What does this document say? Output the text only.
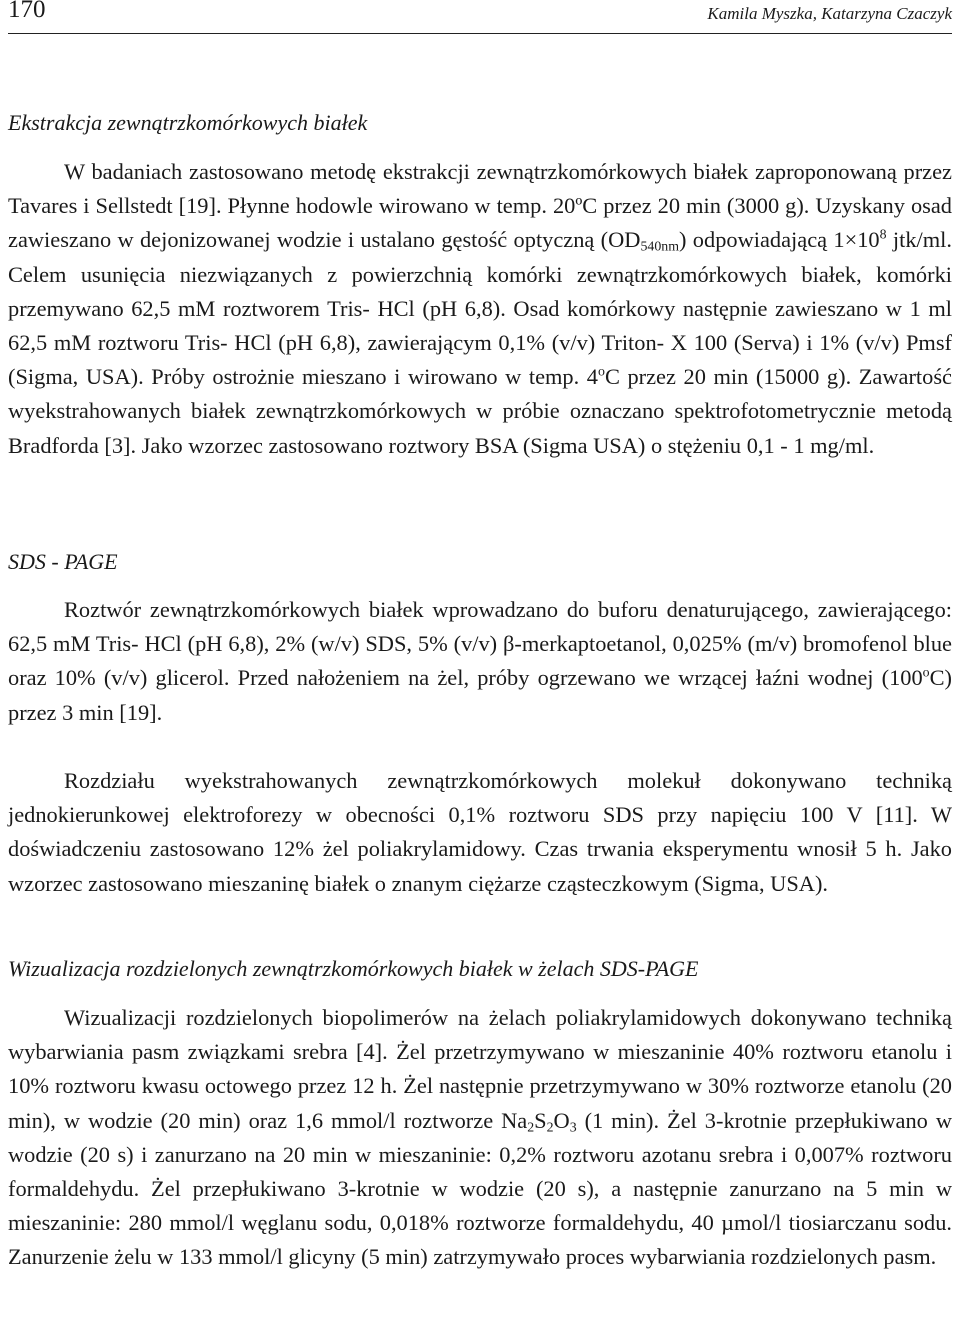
170	Kamila Myszka, Katarzyna Czaczyk
Ekstrakcja zewnątrzkomórkowych białek

W badaniach zastosowano metodę ekstrakcji zewnątrzkomórkowych białek zaproponowaną przez Tavares i Sellstedt [19]. Płynne hodowle wirowano w temp. 20ºC przez 20 min (3000 g). Uzyskany osad zawieszano w dejonizowanej wodzie i ustalano gęstość optyczną $(OD_{540nm})$ odpowiadającą $1\times 10^8$ jtk/ml. Celem usunięcia niezwiązanych z powierzchnią komórki zewnątrzkomórkowych białek, komórki przemywano 62,5 mM roztworem Tris- HCl (pH 6,8). Osad komórkowy następnie zawieszano w 1 ml 62,5 mM roztworu Tris- HCl (pH 6,8), zawierającym 0,1% (v/v) Triton- X 100 (Serva) i 1% (v/v) Pmsf (Sigma, USA). Próby ostrożnie mieszano i wirowano w temp. 4$^o$C przez 20 min (15000 g). Zawartość wyekstrahowanych białek zewnątrzkomórkowych w próbie oznaczano spektrofotometrycznie metodą Bradforda [3]. Jako wzorzec zastosowano roztwory BSA (Sigma USA) o stężeniu 0,1 - 1 mg/ml.

SDS - PAGE

Roztwór zewnątrzkomórkowych białek wprowadzano do buforu denaturującego, zawierającego: 62,5 mM Tris- HCl (pH 6,8), 2% (w/v) SDS, 5% (v/v) β-merkaptoetanol, 0,025% (m/v) bromofenol blue oraz 10% (v/v) glicerol. Przed nałożeniem na żel, próby ogrzewano we wrzącej łaźni wodnej (100$^o$C) przez 3 min [19].

Rozdziału wyekstrahowanych zewnątrzkomórkowych molekuł dokonywano techniką jednokierunkowej elektroforezy w obecności 0,1% roztworu SDS przy napięciu 100 V [11]. W doświadczeniu zastosowano 12% żel poliakrylamidowy. Czas trwania eksperymentu wnosił 5 h. Jako wzorzec zastosowano mieszaninę białek o znanym ciężarze cząsteczkowym (Sigma, USA).

Wizualizacja rozdzielonych zewnątrzkomórkowych białek w żelach SDS-PAGE

Wizualizacji rozdzielonych biopolimerów na żelach poliakrylamidowych dokonywano techniką wybarwiania pasm związkami srebra [4]. Żel przetrzymywano w mieszaninie 40% roztworu etanolu i 10% roztworu kwasu octowego przez 12 h. Żel następnie przetrzymywano w 30% roztworze etanolu (20 min), w wodzie (20 min) oraz 1,6 mmol/l roztworze $Na_2S_2O_3$ (1 min). Żel 3-krotnie przepłukiwano w wodzie (20 s) i zanurzano na 20 min w mieszaninie: 0,2% roztworu azotanu srebra i 0,007% roztworu formaldehydu. Żel przepłukiwano 3-krotnie w wodzie (20 s), a następnie zanurzano na 5 min w mieszaninie: 280 mmol/l węglanu sodu, 0,018% roztworze formaldehydu, 40 µmol/l tiosiarczanu sodu. Zanurzenie żelu w 133 mmol/l glicyny (5 min) zatrzymywało proces wybarwiania rozdzielonych pasm.
